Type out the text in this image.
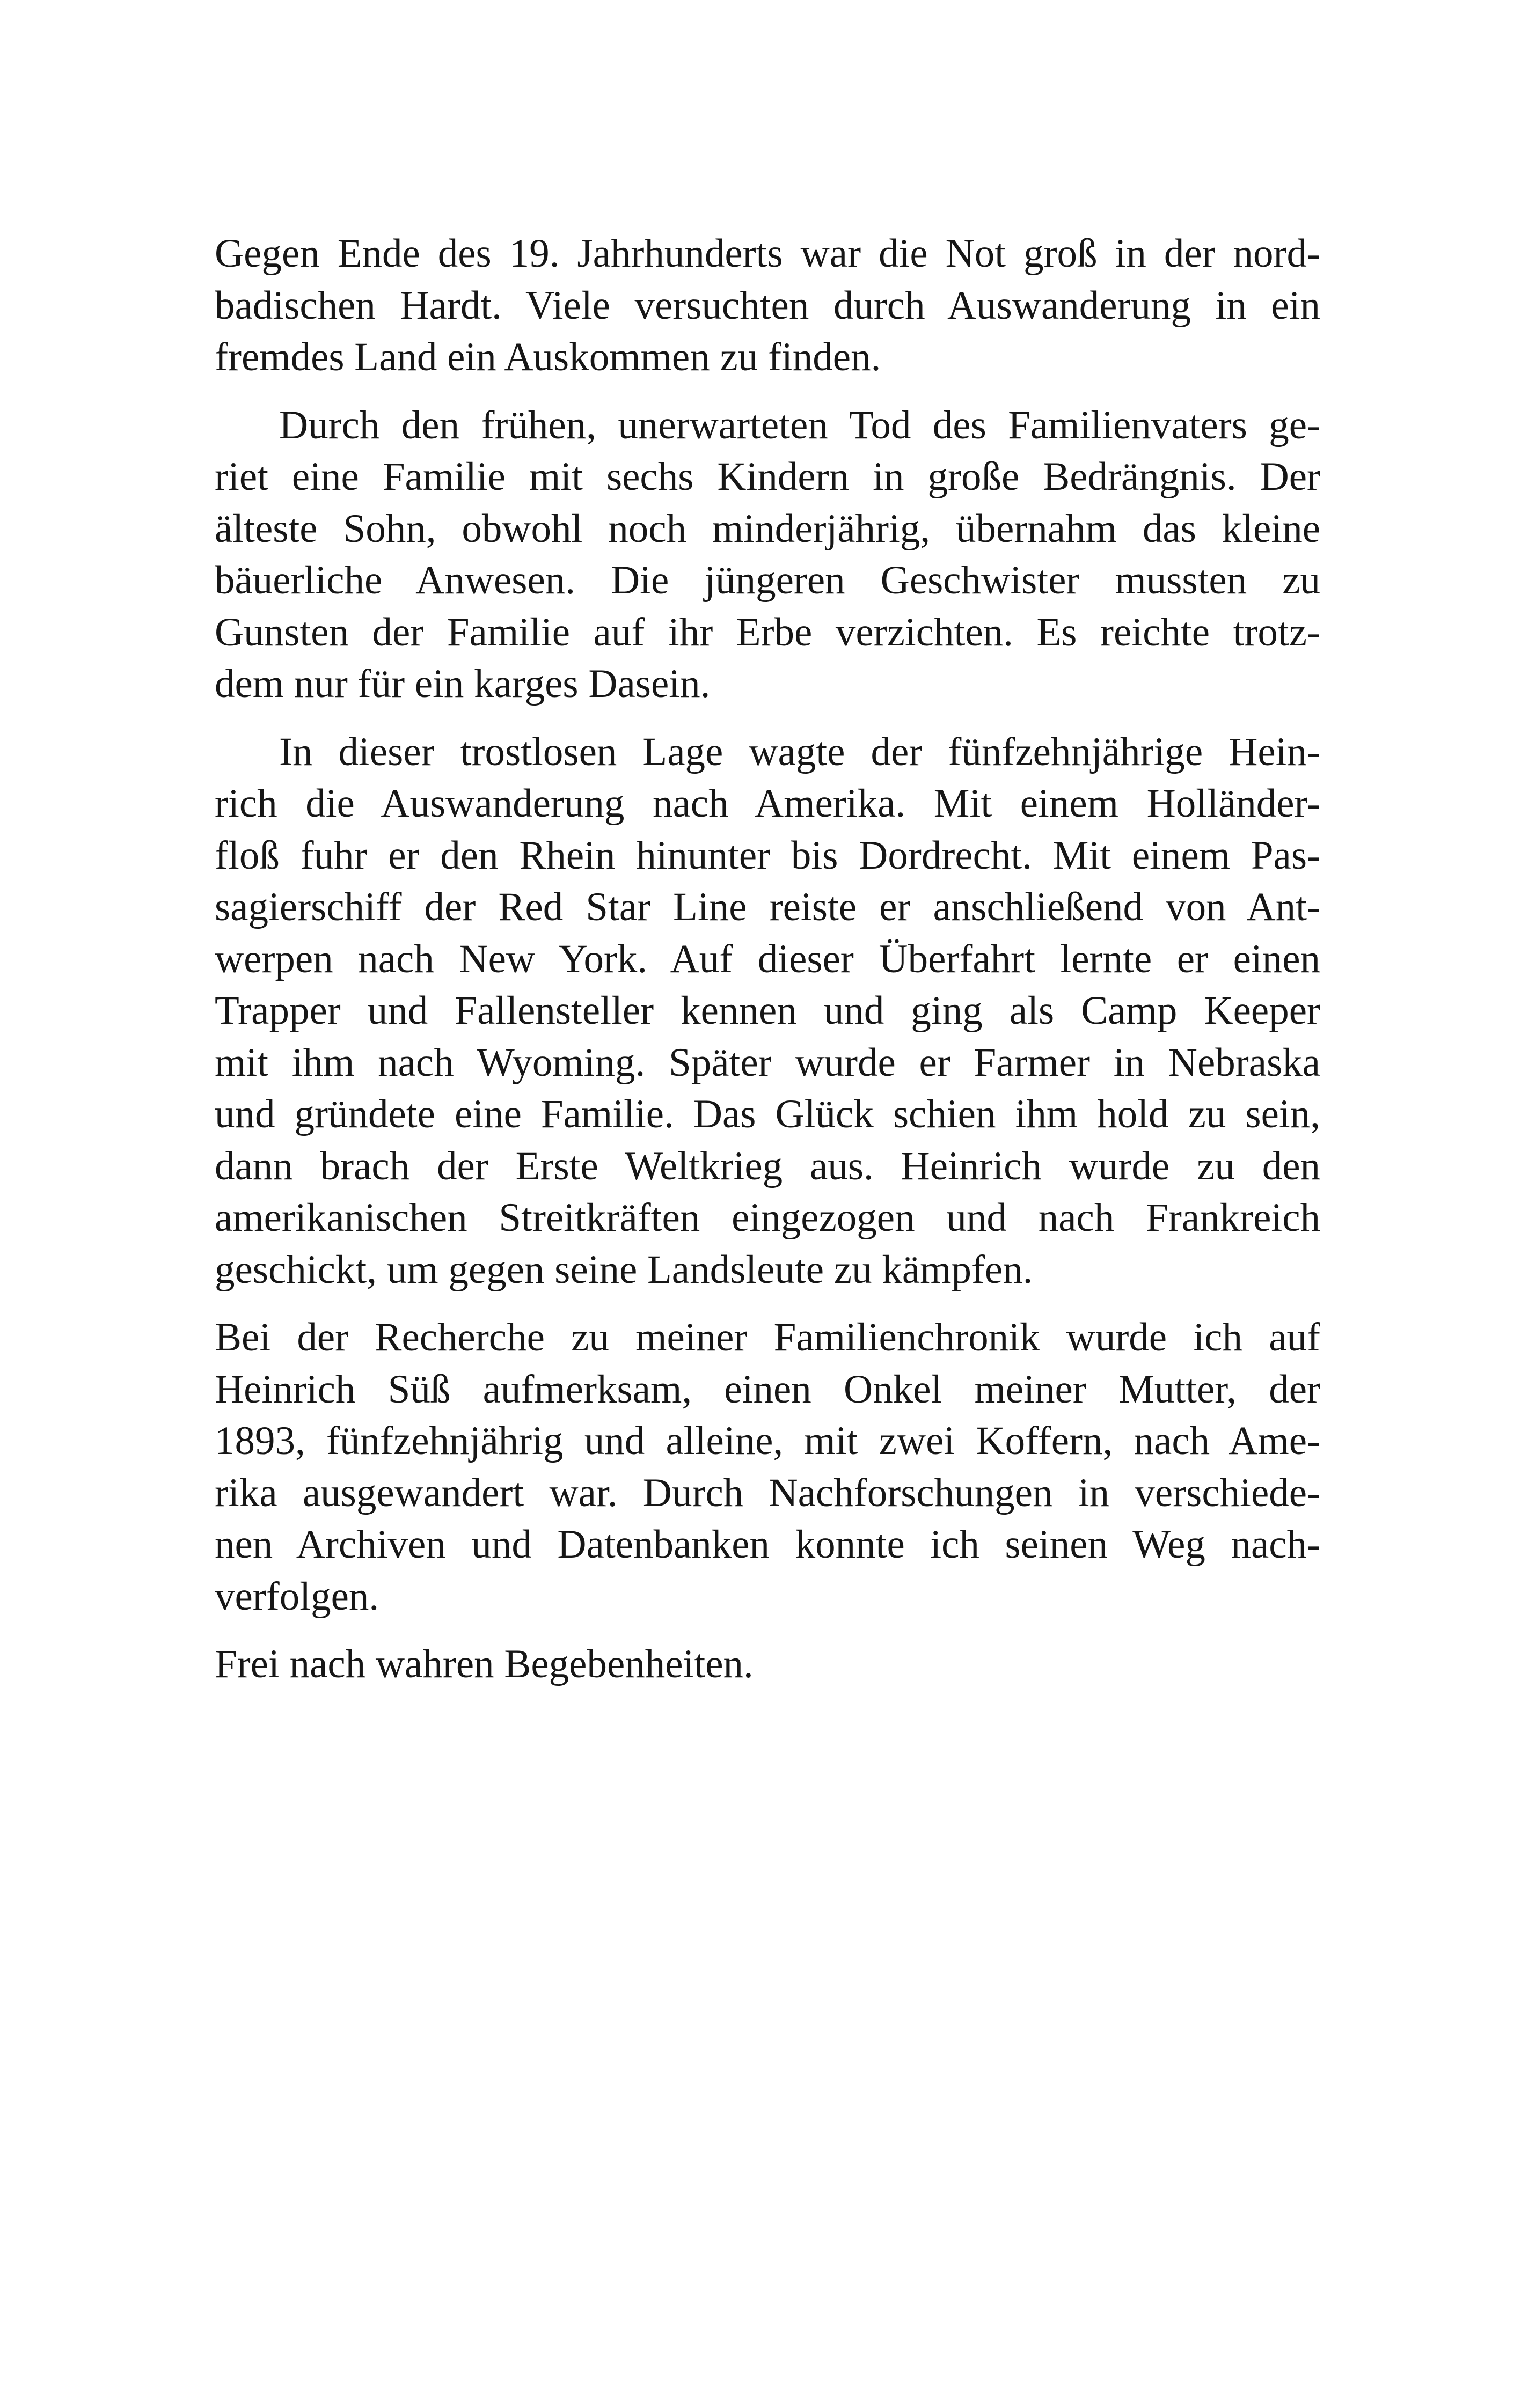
Gegen Ende des 19. Jahrhunderts war die Not groß in der nord-
badischen Hardt. Viele versuchten durch Auswanderung in ein
fremdes Land ein Auskommen zu finden.
Durch den frühen, unerwarteten Tod des Familienvaters ge-
riet eine Familie mit sechs Kindern in große Bedrängnis. Der
älteste Sohn, obwohl noch minderjährig, übernahm das kleine
bäuerliche Anwesen. Die jüngeren Geschwister mussten zu
Gunsten der Familie auf ihr Erbe verzichten. Es reichte trotz-
dem nur für ein karges Dasein.
In dieser trostlosen Lage wagte der fünfzehnjährige Hein-
rich die Auswanderung nach Amerika. Mit einem Holländer-
floß fuhr er den Rhein hinunter bis Dordrecht. Mit einem Pas-
sagierschiff der Red Star Line reiste er anschließend von Ant-
werpen nach New York. Auf dieser Überfahrt lernte er einen
Trapper und Fallensteller kennen und ging als Camp Keeper
mit ihm nach Wyoming. Später wurde er Farmer in Nebraska
und gründete eine Familie. Das Glück schien ihm hold zu sein,
dann brach der Erste Weltkrieg aus. Heinrich wurde zu den
amerikanischen Streitkräften eingezogen und nach Frankreich
geschickt, um gegen seine Landsleute zu kämpfen.
Bei der Recherche zu meiner Familienchronik wurde ich auf
Heinrich Süß aufmerksam, einen Onkel meiner Mutter, der
1893, fünfzehnjährig und alleine, mit zwei Koffern, nach Ame-
rika ausgewandert war. Durch Nachforschungen in verschiede-
nen Archiven und Datenbanken konnte ich seinen Weg nach-
verfolgen.
Frei nach wahren Begebenheiten.
